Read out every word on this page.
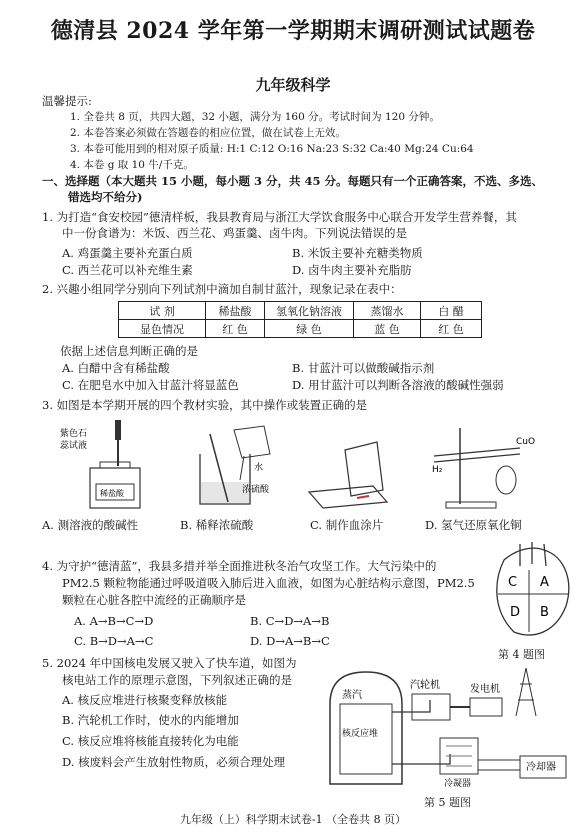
德清县 2024 学年第一学期期末调研测试试题卷
九年级科学
温馨提示:
1. 全卷共 8 页，共四大题，32 小题，满分为 160 分。考试时间为 120 分钟。
2. 本卷答案必须做在答题卷的相应位置，做在试卷上无效。
3. 本卷可能用到的相对原子质量: H:1 C:12 O:16 Na:23 S:32 Ca:40 Mg:24 Cu:64
4. 本卷 g 取 10 牛/千克。
一、选择题（本大题共 15 小题，每小题 3 分，共 45 分。每题只有一个正确答案，不选、多选、
错选均不给分)
1. 为打造“食安校园”德清样板，我县教育局与浙江大学饮食服务中心联合开发学生营养餐，其
中一份食谱为：米饭、西兰花、鸡蛋羹、卤牛肉。下列说法错误的是
A. 鸡蛋羹主要补充蛋白质	B. 米饭主要补充糖类物质
C. 西兰花可以补充维生素	D. 卤牛肉主要补充脂肪
2. 兴趣小组同学分别向下列试剂中滴加自制甘蓝汁，现象记录在表中：
试 剂	稀盐酸	氢氧化钠溶液	蒸馏水	白 醋
显色情况	红 色	绿 色	蓝 色	红 色
依据上述信息判断正确的是
A. 白醋中含有稀盐酸	B. 甘蓝汁可以做酸碱指示剂
C. 在肥皂水中加入甘蓝汁将显蓝色	D. 用甘蓝汁可以判断各溶液的酸碱性强弱
3. 如图是本学期开展的四个教材实验，其中操作或装置正确的是
紫色石
蕊试液
稀盐酸
水
浓硫酸
CuO
H₂
A. 测溶液的酸碱性	B. 稀释浓硫酸	C. 制作血涂片	D. 氢气还原氧化铜
4. 为守护“德清蓝”，我县多措并举全面推进秋冬治气攻坚工作。大气污染中的
PM2.5 颗粒物能通过呼吸道吸入肺后进入血液，如图为心脏结构示意图，PM2.5
颗粒在心脏各腔中流经的正确顺序是
A. A→B→C→D	B. C→D→A→B
C. B→D→A→C	D. D→A→B→C
C A
D B
第 4 题图
5. 2024 年中国核电发展又驶入了快车道，如图为
核电站工作的原理示意图，下列叙述正确的是
A. 核反应堆进行核聚变释放核能
B. 汽轮机工作时，使水的内能增加
C. 核反应堆将核能直接转化为电能
D. 核废料会产生放射性物质，必须合理处理
蒸汽
汽轮机	发电机
核反应堆
冷却器
冷凝器
第 5 题图
九年级（上）科学期末试卷-1 （全卷共 8 页）
